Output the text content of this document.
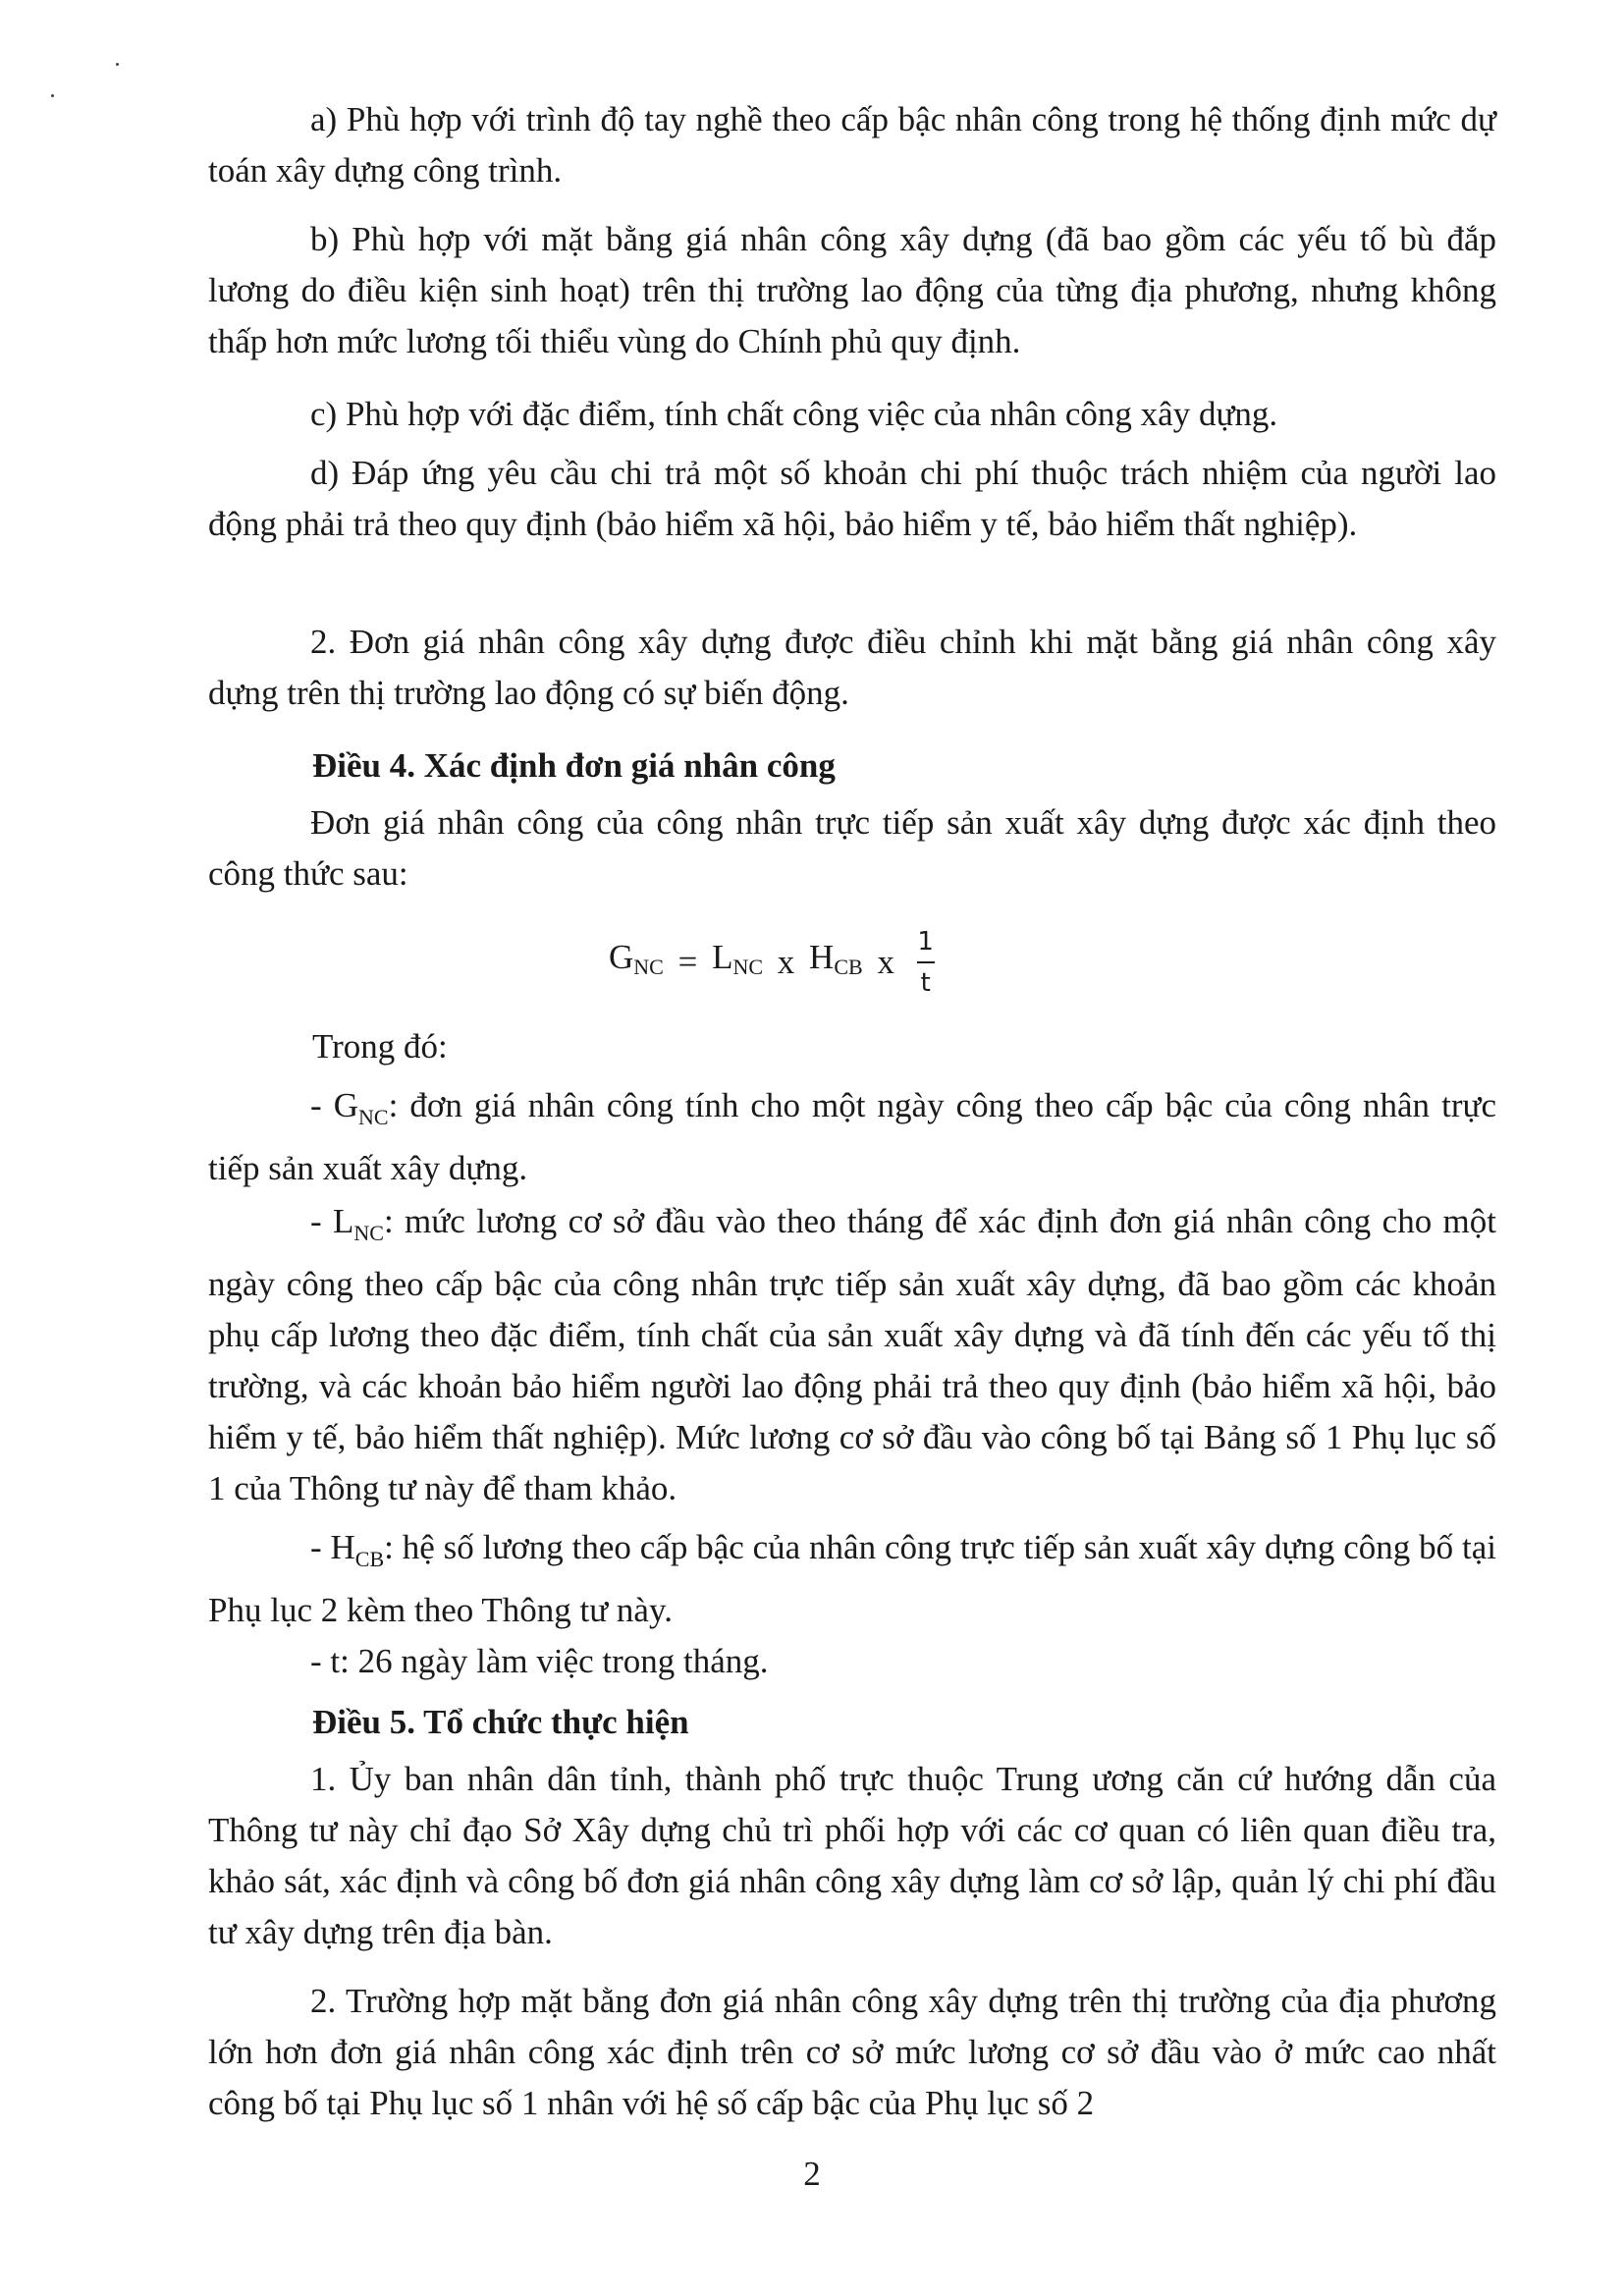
a) Phù hợp với trình độ tay nghề theo cấp bậc nhân công trong hệ thống định mức dự toán xây dựng công trình.

b) Phù hợp với mặt bằng giá nhân công xây dựng (đã bao gồm các yếu tố bù đắp lương do điều kiện sinh hoạt) trên thị trường lao động của từng địa phương, nhưng không thấp hơn mức lương tối thiểu vùng do Chính phủ quy định.

c) Phù hợp với đặc điểm, tính chất công việc của nhân công xây dựng.

d) Đáp ứng yêu cầu chi trả một số khoản chi phí thuộc trách nhiệm của người lao động phải trả theo quy định (bảo hiểm xã hội, bảo hiểm y tế, bảo hiểm thất nghiệp).

2. Đơn giá nhân công xây dựng được điều chỉnh khi mặt bằng giá nhân công xây dựng trên thị trường lao động có sự biến động.

Điều 4. Xác định đơn giá nhân công

Đơn giá nhân công của công nhân trực tiếp sản xuất xây dựng được xác định theo công thức sau:

$G_{NC} = L_{NC}$ x $H_{CB}$ x $\frac{1}{t}$

Trong đó:

- $G_{NC}$: đơn giá nhân công tính cho một ngày công theo cấp bậc của công nhân trực tiếp sản xuất xây dựng.

- $L_{NC}$: mức lương cơ sở đầu vào theo tháng để xác định đơn giá nhân công cho một ngày công theo cấp bậc của công nhân trực tiếp sản xuất xây dựng, đã bao gồm các khoản phụ cấp lương theo đặc điểm, tính chất của sản xuất xây dựng và đã tính đến các yếu tố thị trường, và các khoản bảo hiểm người lao động phải trả theo quy định (bảo hiểm xã hội, bảo hiểm y tế, bảo hiểm thất nghiệp). Mức lương cơ sở đầu vào công bố tại Bảng số 1 Phụ lục số 1 của Thông tư này để tham khảo.

- $H_{CB}$: hệ số lương theo cấp bậc của nhân công trực tiếp sản xuất xây dựng công bố tại Phụ lục 2 kèm theo Thông tư này.

- t: 26 ngày làm việc trong tháng.

Điều 5. Tổ chức thực hiện

1. Ủy ban nhân dân tỉnh, thành phố trực thuộc Trung ương căn cứ hướng dẫn của Thông tư này chỉ đạo Sở Xây dựng chủ trì phối hợp với các cơ quan có liên quan điều tra, khảo sát, xác định và công bố đơn giá nhân công xây dựng làm cơ sở lập, quản lý chi phí đầu tư xây dựng trên địa bàn.

2. Trường hợp mặt bằng đơn giá nhân công xây dựng trên thị trường của địa phương lớn hơn đơn giá nhân công xác định trên cơ sở mức lương cơ sở đầu vào ở mức cao nhất công bố tại Phụ lục số 1 nhân với hệ số cấp bậc của Phụ lục số 2

2
